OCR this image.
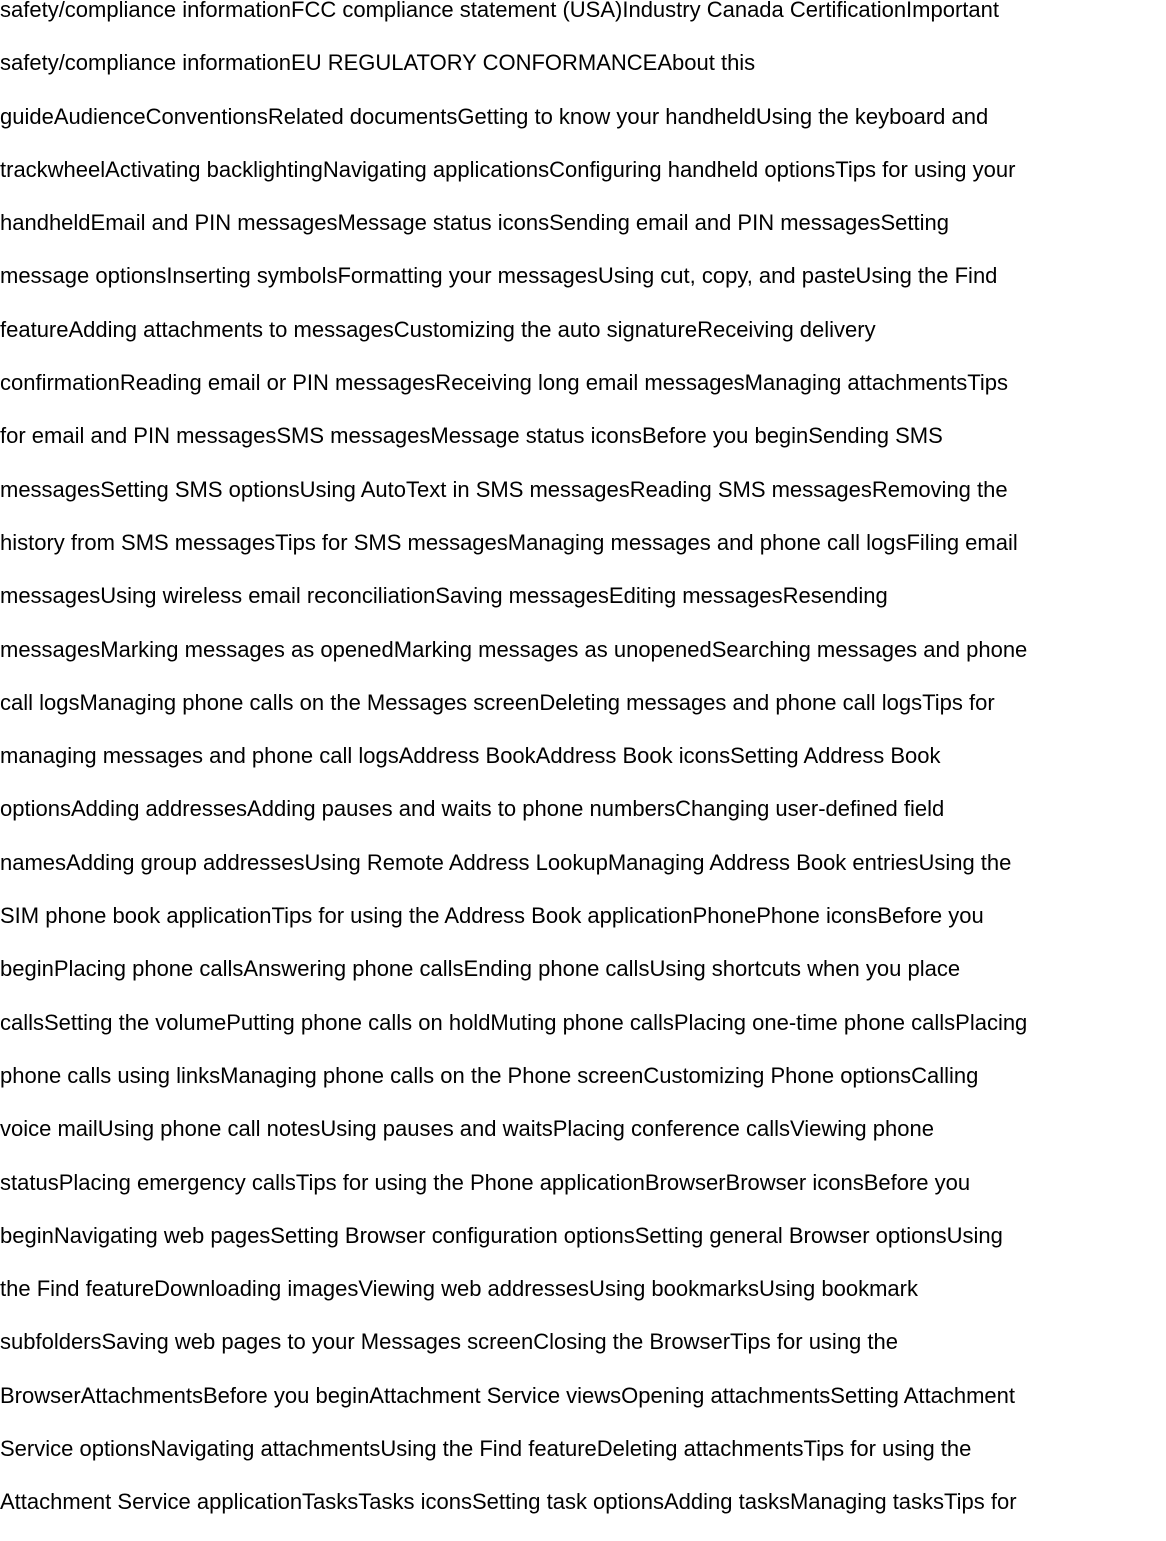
safety/compliance informationFCC compliance statement (USA)Industry Canada CertificationImportant

safety/compliance informationEU REGULATORY CONFORMANCEAbout this

guideAudienceConventionsRelated documentsGetting to know your handheldUsing the keyboard and

trackwheelActivating backlightingNavigating applicationsConfiguring handheld optionsTips for using your

handheldEmail and PIN messagesMessage status iconsSending email and PIN messagesSetting

message optionsInserting symbolsFormatting your messagesUsing cut, copy, and pasteUsing the Find

featureAdding attachments to messagesCustomizing the auto signatureReceiving delivery

confirmationReading email or PIN messagesReceiving long email messagesManaging attachmentsTips

for email and PIN messagesSMS messagesMessage status iconsBefore you beginSending SMS

messagesSetting SMS optionsUsing AutoText in SMS messagesReading SMS messagesRemoving the

history from SMS messagesTips for SMS messagesManaging messages and phone call logsFiling email

messagesUsing wireless email reconciliationSaving messagesEditing messagesResending

messagesMarking messages as openedMarking messages as unopenedSearching messages and phone

call logsManaging phone calls on the Messages screenDeleting messages and phone call logsTips for

managing messages and phone call logsAddress BookAddress Book iconsSetting Address Book

optionsAdding addressesAdding pauses and waits to phone numbersChanging user-defined field

namesAdding group addressesUsing Remote Address LookupManaging Address Book entriesUsing the

SIM phone book applicationTips for using the Address Book applicationPhonePhone iconsBefore you

beginPlacing phone callsAnswering phone callsEnding phone callsUsing shortcuts when you place

callsSetting the volumePutting phone calls on holdMuting phone callsPlacing one-time phone callsPlacing

phone calls using linksManaging phone calls on the Phone screenCustomizing Phone optionsCalling

voice mailUsing phone call notesUsing pauses and waitsPlacing conference callsViewing phone

statusPlacing emergency callsTips for using the Phone applicationBrowserBrowser iconsBefore you

beginNavigating web pagesSetting Browser configuration optionsSetting general Browser optionsUsing

the Find featureDownloading imagesViewing web addressesUsing bookmarksUsing bookmark

subfoldersSaving web pages to your Messages screenClosing the BrowserTips for using the

BrowserAttachmentsBefore you beginAttachment Service viewsOpening attachmentsSetting Attachment

Service optionsNavigating attachmentsUsing the Find featureDeleting attachmentsTips for using the

Attachment Service applicationTasksTasks iconsSetting task optionsAdding tasksManaging tasksTips for
